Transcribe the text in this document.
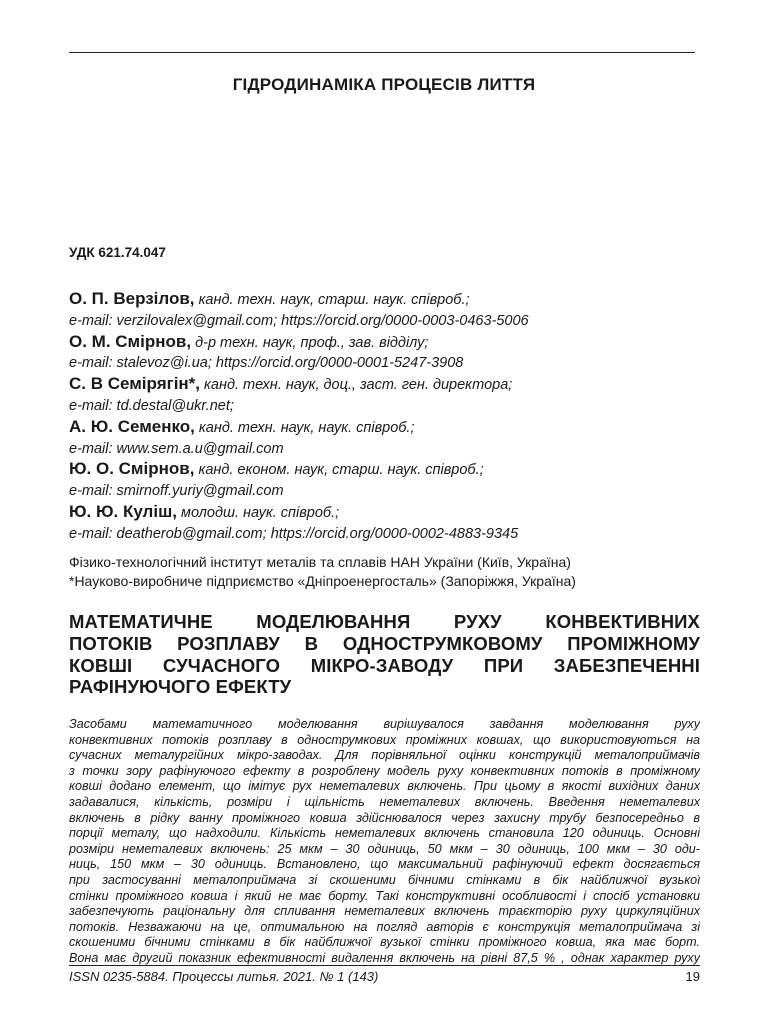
ГІДРОДИНАМІКА ПРОЦЕСІВ ЛИТТЯ
УДК 621.74.047
О. П. Верзілов, канд. техн. наук, старш. наук. співроб.;
e-mail: verzilovalex@gmail.com; https://orcid.org/0000-0003-0463-5006
О. М. Смірнов, д-р техн. наук, проф., зав. відділу;
e-mail: stalevoz@i.ua; https://orcid.org/0000-0001-5247-3908
С. В Семірягін*, канд. техн. наук, доц., заст. ген. директора;
e-mail: td.destal@ukr.net;
А. Ю. Семенко, канд. техн. наук, наук. співроб.;
e-mail: www.sem.a.u@gmail.com
Ю. О. Смірнов, канд. економ. наук, старш. наук. співроб.;
e-mail: smirnoff.yuriy@gmail.com
Ю. Ю. Куліш, молодш. наук. співроб.;
e-mail: deatherob@gmail.com; https://orcid.org/0000-0002-4883-9345
Фізико-технологічний інститут металів та сплавів НАН України (Київ, Україна)
*Науково-виробниче підприємство «Дніпроенергосталь» (Запоріжжя, Україна)
МАТЕМАТИЧНЕ МОДЕЛЮВАННЯ РУХУ КОНВЕКТИВНИХ
ПОТОКІВ РОЗПЛАВУ В ОДНОСТРУМКОВОМУ ПРОМІЖНОМУ
КОВШІ СУЧАСНОГО МІКРО-ЗАВОДУ ПРИ ЗАБЕЗПЕЧЕННІ
РАФІНУЮЧОГО ЕФЕКТУ
Засобами математичного моделювання вирішувалося завдання моделювання руху
конвективних потоків розплаву в однострумкових проміжних ковшах, що використовуються на
сучасних металургійних мікро-заводах. Для порівняльної оцінки конструкцій металоприймачів
з точки зору рафінуючого ефекту в розроблену модель руху конвективних потоків в проміжному
ковші додано елемент, що імітує рух неметалевих включень. При цьому в якості вихідних даних
задавалися, кількість, розміри і щільність неметалевих включень. Введення неметалевих
включень в рідку ванну проміжного ковша здійснювалося через захисну трубу безпосередньо в
порції металу, що надходили. Кількість неметалевих включень становила 120 одиниць. Основні
розміри неметалевих включень: 25 мкм – 30 одиниць, 50 мкм – 30 одиниць, 100 мкм – 30 оди-
ниць, 150 мкм – 30 одиниць. Встановлено, що максимальний рафінуючий ефект досягається
при застосуванні металоприймача зі скошеними бічними стінками в бік найближчої вузької
стінки проміжного ковша і який не має борту. Такі конструктивні особливості і спосіб установки
забезпечують раціональну для спливання неметалевих включень траєкторію руху циркуляційних
потоків. Незважаючи на це, оптимальною на погляд авторів є конструкція металоприймача зі
скошеними бічними стінками в бік найближчої вузької стінки проміжного ковша, яка має борт.
Вона має другий показник ефективності видалення включень на рівні 87,5 % , однак характер руху
ISSN 0235-5884. Процессы литья. 2021. № 1 (143)	19
